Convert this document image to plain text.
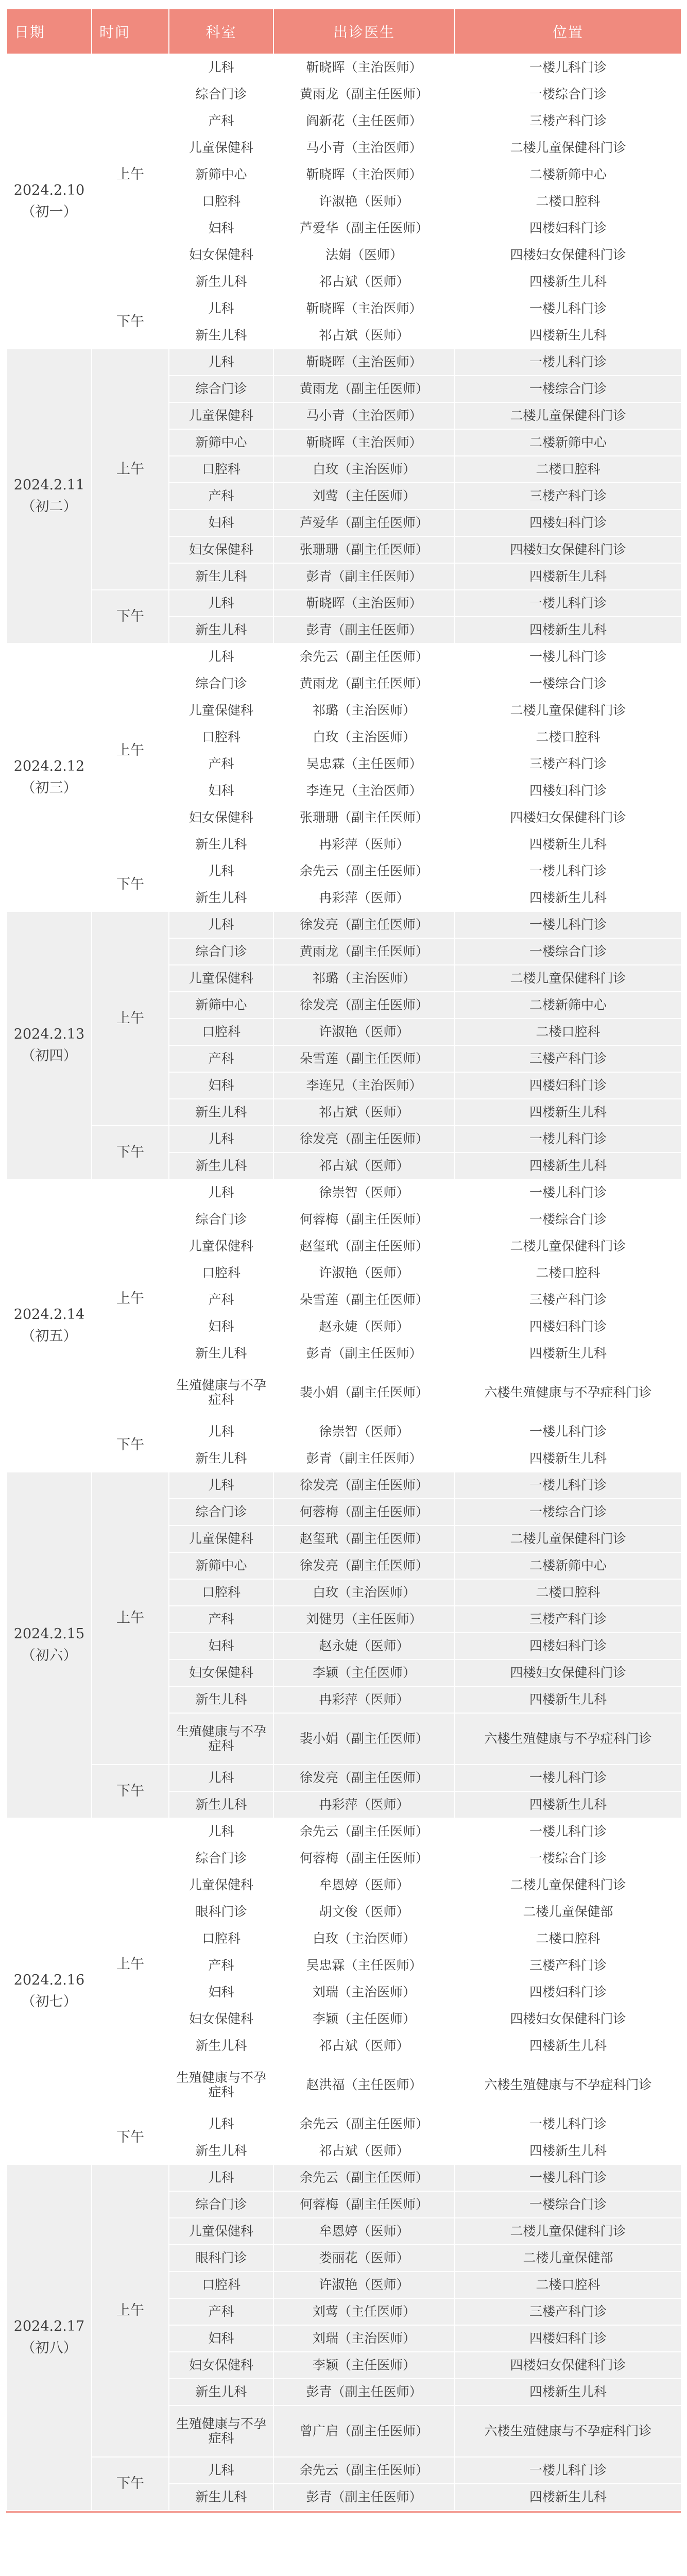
日期	时间	科室	出诊医生	位置

2024.2.10
（初一）	上午	儿科	靳晓晖（主治医师）	一楼儿科门诊
		综合门诊	黄雨龙（副主任医师）	一楼综合门诊
		产科	阎新花（主任医师）	三楼产科门诊
		儿童保健科	马小青（主治医师）	二楼儿童保健科门诊
		新筛中心	靳晓晖（主治医师）	二楼新筛中心
		口腔科	许淑艳（医师）	二楼口腔科
		妇科	芦爱华（副主任医师）	四楼妇科门诊
		妇女保健科	法娟（医师）	四楼妇女保健科门诊
		新生儿科	祁占斌（医师）	四楼新生儿科
	下午	儿科	靳晓晖（主治医师）	一楼儿科门诊
		新生儿科	祁占斌（医师）	四楼新生儿科

2024.2.11
（初二）	上午	儿科	靳晓晖（主治医师）	一楼儿科门诊
		综合门诊	黄雨龙（副主任医师）	一楼综合门诊
		儿童保健科	马小青（主治医师）	二楼儿童保健科门诊
		新筛中心	靳晓晖（主治医师）	二楼新筛中心
		口腔科	白玫（主治医师）	二楼口腔科
		产科	刘莺（主任医师）	三楼产科门诊
		妇科	芦爱华（副主任医师）	四楼妇科门诊
		妇女保健科	张珊珊（副主任医师）	四楼妇女保健科门诊
		新生儿科	彭青（副主任医师）	四楼新生儿科
	下午	儿科	靳晓晖（主治医师）	一楼儿科门诊
		新生儿科	彭青（副主任医师）	四楼新生儿科

2024.2.12
（初三）	上午	儿科	余先云（副主任医师）	一楼儿科门诊
		综合门诊	黄雨龙（副主任医师）	一楼综合门诊
		儿童保健科	祁璐（主治医师）	二楼儿童保健科门诊
		口腔科	白玫（主治医师）	二楼口腔科
		产科	吴忠霖（主任医师）	三楼产科门诊
		妇科	李连兄（主治医师）	四楼妇科门诊
		妇女保健科	张珊珊（副主任医师）	四楼妇女保健科门诊
		新生儿科	冉彩萍（医师）	四楼新生儿科
	下午	儿科	余先云（副主任医师）	一楼儿科门诊
		新生儿科	冉彩萍（医师）	四楼新生儿科

2024.2.13
（初四）	上午	儿科	徐发亮（副主任医师）	一楼儿科门诊
		综合门诊	黄雨龙（副主任医师）	一楼综合门诊
		儿童保健科	祁璐（主治医师）	二楼儿童保健科门诊
		新筛中心	徐发亮（副主任医师）	二楼新筛中心
		口腔科	许淑艳（医师）	二楼口腔科
		产科	朵雪莲（副主任医师）	三楼产科门诊
		妇科	李连兄（主治医师）	四楼妇科门诊
		新生儿科	祁占斌（医师）	四楼新生儿科
	下午	儿科	徐发亮（副主任医师）	一楼儿科门诊
		新生儿科	祁占斌（医师）	四楼新生儿科

2024.2.14
（初五）	上午	儿科	徐崇智（医师）	一楼儿科门诊
		综合门诊	何蓉梅（副主任医师）	一楼综合门诊
		儿童保健科	赵玺玳（副主任医师）	二楼儿童保健科门诊
		口腔科	许淑艳（医师）	二楼口腔科
		产科	朵雪莲（副主任医师）	三楼产科门诊
		妇科	赵永婕（医师）	四楼妇科门诊
		新生儿科	彭青（副主任医师）	四楼新生儿科
		生殖健康与不孕症科	裴小娟（副主任医师）	六楼生殖健康与不孕症科门诊
	下午	儿科	徐崇智（医师）	一楼儿科门诊
		新生儿科	彭青（副主任医师）	四楼新生儿科

2024.2.15
（初六）	上午	儿科	徐发亮（副主任医师）	一楼儿科门诊
		综合门诊	何蓉梅（副主任医师）	一楼综合门诊
		儿童保健科	赵玺玳（副主任医师）	二楼儿童保健科门诊
		新筛中心	徐发亮（副主任医师）	二楼新筛中心
		口腔科	白玫（主治医师）	二楼口腔科
		产科	刘健男（主任医师）	三楼产科门诊
		妇科	赵永婕（医师）	四楼妇科门诊
		妇女保健科	李颖（主任医师）	四楼妇女保健科门诊
		新生儿科	冉彩萍（医师）	四楼新生儿科
		生殖健康与不孕症科	裴小娟（副主任医师）	六楼生殖健康与不孕症科门诊
	下午	儿科	徐发亮（副主任医师）	一楼儿科门诊
		新生儿科	冉彩萍（医师）	四楼新生儿科

2024.2.16
（初七）	上午	儿科	余先云（副主任医师）	一楼儿科门诊
		综合门诊	何蓉梅（副主任医师）	一楼综合门诊
		儿童保健科	牟恩婷（医师）	二楼儿童保健科门诊
		眼科门诊	胡文俊（医师）	二楼儿童保健部
		口腔科	白玫（主治医师）	二楼口腔科
		产科	吴忠霖（主任医师）	三楼产科门诊
		妇科	刘瑞（主治医师）	四楼妇科门诊
		妇女保健科	李颖（主任医师）	四楼妇女保健科门诊
		新生儿科	祁占斌（医师）	四楼新生儿科
		生殖健康与不孕症科	赵洪福（主任医师）	六楼生殖健康与不孕症科门诊
	下午	儿科	余先云（副主任医师）	一楼儿科门诊
		新生儿科	祁占斌（医师）	四楼新生儿科

2024.2.17
（初八）	上午	儿科	余先云（副主任医师）	一楼儿科门诊
		综合门诊	何蓉梅（副主任医师）	一楼综合门诊
		儿童保健科	牟恩婷（医师）	二楼儿童保健科门诊
		眼科门诊	娄丽花（医师）	二楼儿童保健部
		口腔科	许淑艳（医师）	二楼口腔科
		产科	刘莺（主任医师）	三楼产科门诊
		妇科	刘瑞（主治医师）	四楼妇科门诊
		妇女保健科	李颖（主任医师）	四楼妇女保健科门诊
		新生儿科	彭青（副主任医师）	四楼新生儿科
		生殖健康与不孕症科	曾广启（副主任医师）	六楼生殖健康与不孕症科门诊
	下午	儿科	余先云（副主任医师）	一楼儿科门诊
		新生儿科	彭青（副主任医师）	四楼新生儿科
